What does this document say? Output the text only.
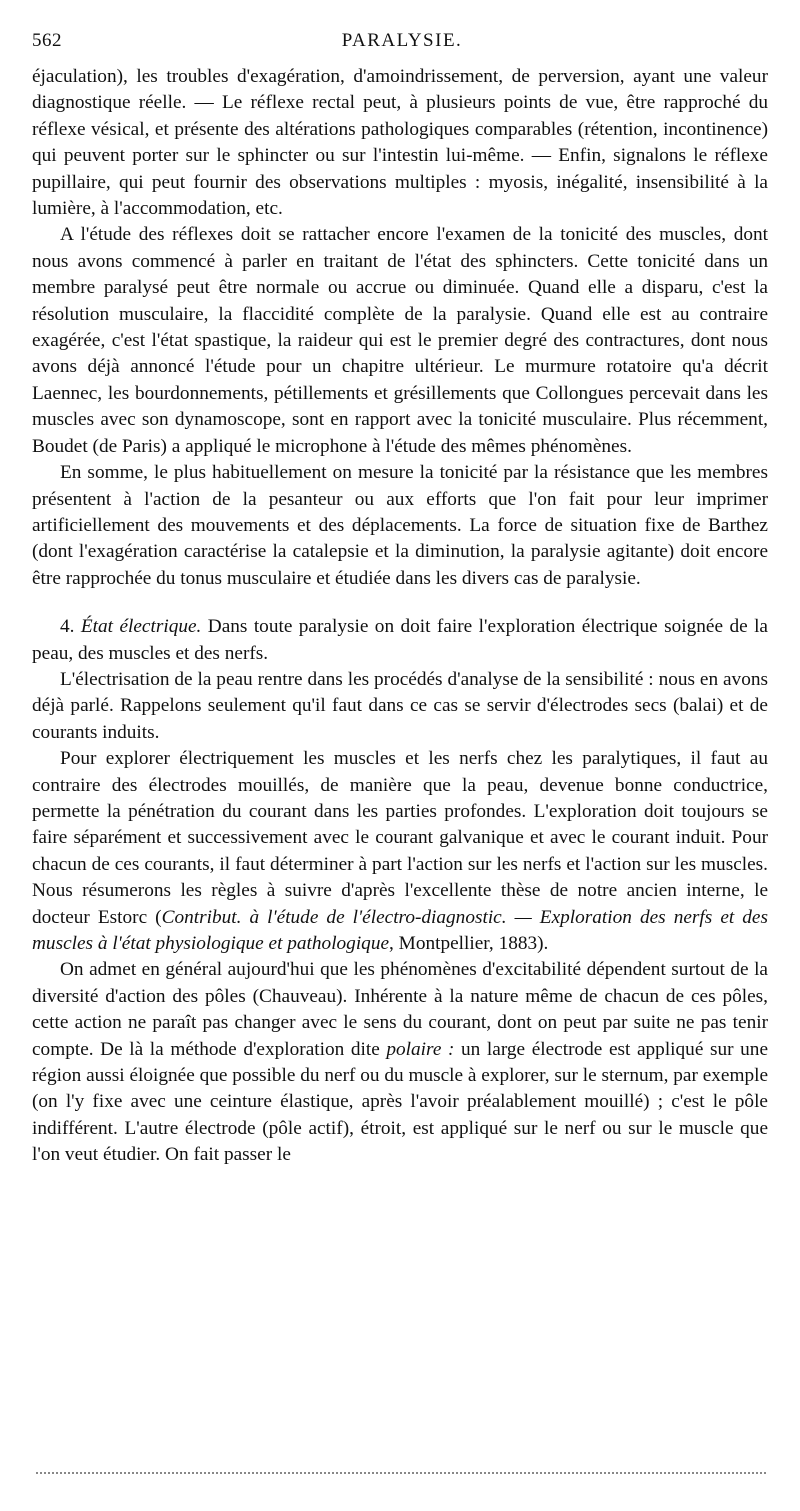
562	PARALYSIE.

éjaculation), les troubles d'exagération, d'amoindrissement, de perversion, ayant une valeur diagnostique réelle. — Le réflexe rectal peut, à plusieurs points de vue, être rapproché du réflexe vésical, et présente des altérations pathologiques comparables (rétention, incontinence) qui peuvent porter sur le sphincter ou sur l'intestin lui-même. — Enfin, signalons le réflexe pupillaire, qui peut fournir des observations multiples : myosis, inégalité, insensibilité à la lumière, à l'accommodation, etc.

A l'étude des réflexes doit se rattacher encore l'examen de la tonicité des muscles, dont nous avons commencé à parler en traitant de l'état des sphincters. Cette tonicité dans un membre paralysé peut être normale ou accrue ou diminuée. Quand elle a disparu, c'est la résolution musculaire, la flaccidité complète de la paralysie. Quand elle est au contraire exagérée, c'est l'état spastique, la raideur qui est le premier degré des contractures, dont nous avons déjà annoncé l'étude pour un chapitre ultérieur. Le murmure rotatoire qu'a décrit Laennec, les bourdonnements, pétillements et grésillements que Collongues percevait dans les muscles avec son dynamoscope, sont en rapport avec la tonicité musculaire. Plus récemment, Boudet (de Paris) a appliqué le microphone à l'étude des mêmes phénomènes.

En somme, le plus habituellement on mesure la tonicité par la résistance que les membres présentent à l'action de la pesanteur ou aux efforts que l'on fait pour leur imprimer artificiellement des mouvements et des déplacements. La force de situation fixe de Barthez (dont l'exagération caractérise la catalepsie et la diminution, la paralysie agitante) doit encore être rapprochée du tonus musculaire et étudiée dans les divers cas de paralysie.

4. État électrique. Dans toute paralysie on doit faire l'exploration électrique soignée de la peau, des muscles et des nerfs.

L'électrisation de la peau rentre dans les procédés d'analyse de la sensibilité : nous en avons déjà parlé. Rappelons seulement qu'il faut dans ce cas se servir d'électrodes secs (balai) et de courants induits.

Pour explorer électriquement les muscles et les nerfs chez les paralytiques, il faut au contraire des électrodes mouillés, de manière que la peau, devenue bonne conductrice, permette la pénétration du courant dans les parties profondes. L'exploration doit toujours se faire séparément et successivement avec le courant galvanique et avec le courant induit. Pour chacun de ces courants, il faut déterminer à part l'action sur les nerfs et l'action sur les muscles. Nous résumerons les règles à suivre d'après l'excellente thèse de notre ancien interne, le docteur Estorc (Contribut. à l'étude de l'électro-diagnostic. — Exploration des nerfs et des muscles à l'état physiologique et pathologique, Montpellier, 1883).

On admet en général aujourd'hui que les phénomènes d'excitabilité dépendent surtout de la diversité d'action des pôles (Chauveau). Inhérente à la nature même de chacun de ces pôles, cette action ne paraît pas changer avec le sens du courant, dont on peut par suite ne pas tenir compte. De là la méthode d'exploration dite polaire : un large électrode est appliqué sur une région aussi éloignée que possible du nerf ou du muscle à explorer, sur le sternum, par exemple (on l'y fixe avec une ceinture élastique, après l'avoir préalablement mouillé) ; c'est le pôle indifférent. L'autre électrode (pôle actif), étroit, est appliqué sur le nerf ou sur le muscle que l'on veut étudier. On fait passer le
